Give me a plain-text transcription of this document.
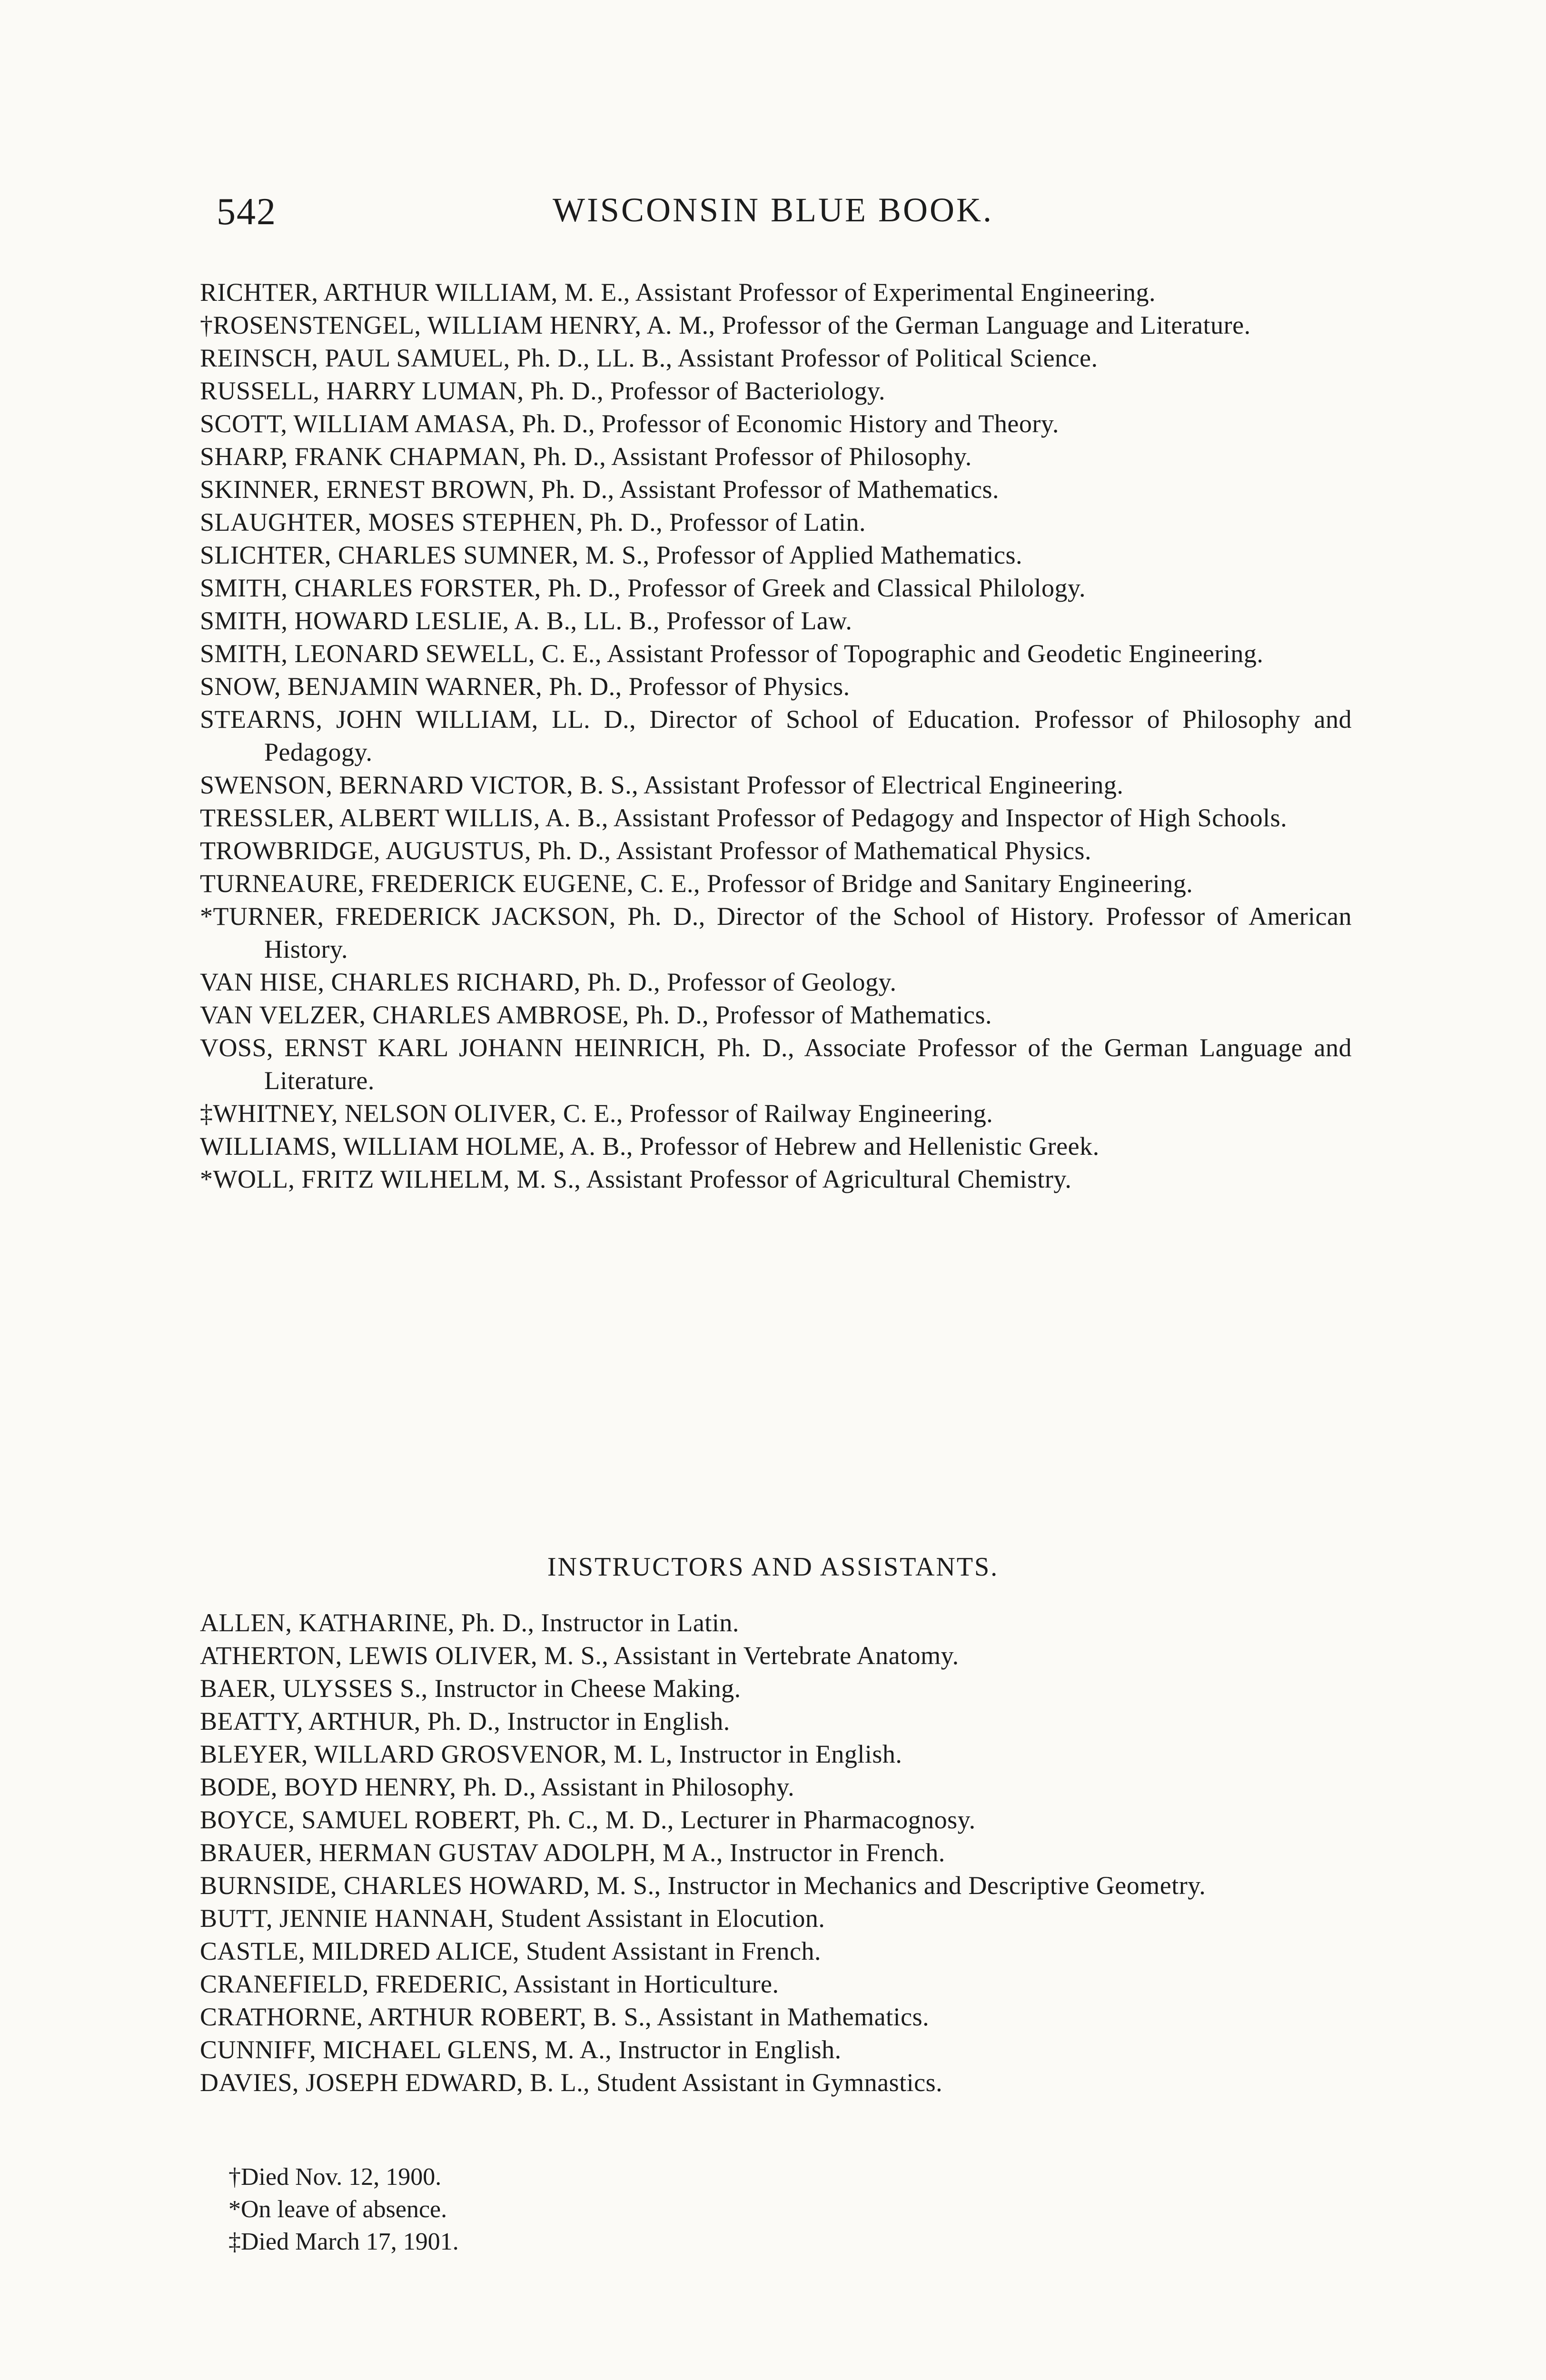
542	WISCONSIN BLUE BOOK.
RICHTER, ARTHUR WILLIAM, M. E., Assistant Professor of Experimental Engineering.
†ROSENSTENGEL, WILLIAM HENRY, A. M., Professor of the German Language and Literature.
REINSCH, PAUL SAMUEL, Ph. D., LL. B., Assistant Professor of Political Science.
RUSSELL, HARRY LUMAN, Ph. D., Professor of Bacteriology.
SCOTT, WILLIAM AMASA, Ph. D., Professor of Economic History and Theory.
SHARP, FRANK CHAPMAN, Ph. D., Assistant Professor of Philosophy.
SKINNER, ERNEST BROWN, Ph. D., Assistant Professor of Mathematics.
SLAUGHTER, MOSES STEPHEN, Ph. D., Professor of Latin.
SLICHTER, CHARLES SUMNER, M. S., Professor of Applied Mathematics.
SMITH, CHARLES FORSTER, Ph. D., Professor of Greek and Classical Philology.
SMITH, HOWARD LESLIE, A. B., LL. B., Professor of Law.
SMITH, LEONARD SEWELL, C. E., Assistant Professor of Topographic and Geodetic Engineering.
SNOW, BENJAMIN WARNER, Ph. D., Professor of Physics.
STEARNS, JOHN WILLIAM, LL. D., Director of School of Education. Professor of Philosophy and Pedagogy.
SWENSON, BERNARD VICTOR, B. S., Assistant Professor of Electrical Engineering.
TRESSLER, ALBERT WILLIS, A. B., Assistant Professor of Pedagogy and Inspector of High Schools.
TROWBRIDGE, AUGUSTUS, Ph. D., Assistant Professor of Mathematical Physics.
TURNEAURE, FREDERICK EUGENE, C. E., Professor of Bridge and Sanitary Engineering.
*TURNER, FREDERICK JACKSON, Ph. D., Director of the School of History. Professor of American History.
VAN HISE, CHARLES RICHARD, Ph. D., Professor of Geology.
VAN VELZER, CHARLES AMBROSE, Ph. D., Professor of Mathematics.
VOSS, ERNST KARL JOHANN HEINRICH, Ph. D., Associate Professor of the German Language and Literature.
‡WHITNEY, NELSON OLIVER, C. E., Professor of Railway Engineering.
WILLIAMS, WILLIAM HOLME, A. B., Professor of Hebrew and Hellenistic Greek.
*WOLL, FRITZ WILHELM, M. S., Assistant Professor of Agricultural Chemistry.
INSTRUCTORS AND ASSISTANTS.
ALLEN, KATHARINE, Ph. D., Instructor in Latin.
ATHERTON, LEWIS OLIVER, M. S., Assistant in Vertebrate Anatomy.
BAER, ULYSSES S., Instructor in Cheese Making.
BEATTY, ARTHUR, Ph. D., Instructor in English.
BLEYER, WILLARD GROSVENOR, M. L, Instructor in English.
BODE, BOYD HENRY, Ph. D., Assistant in Philosophy.
BOYCE, SAMUEL ROBERT, Ph. C., M. D., Lecturer in Pharmacognosy.
BRAUER, HERMAN GUSTAV ADOLPH, M A., Instructor in French.
BURNSIDE, CHARLES HOWARD, M. S., Instructor in Mechanics and Descriptive Geometry.
BUTT, JENNIE HANNAH, Student Assistant in Elocution.
CASTLE, MILDRED ALICE, Student Assistant in French.
CRANEFIELD, FREDERIC, Assistant in Horticulture.
CRATHORNE, ARTHUR ROBERT, B. S., Assistant in Mathematics.
CUNNIFF, MICHAEL GLENS, M. A., Instructor in English.
DAVIES, JOSEPH EDWARD, B. L., Student Assistant in Gymnastics.
†Died Nov. 12, 1900.
*On leave of absence.
‡Died March 17, 1901.
